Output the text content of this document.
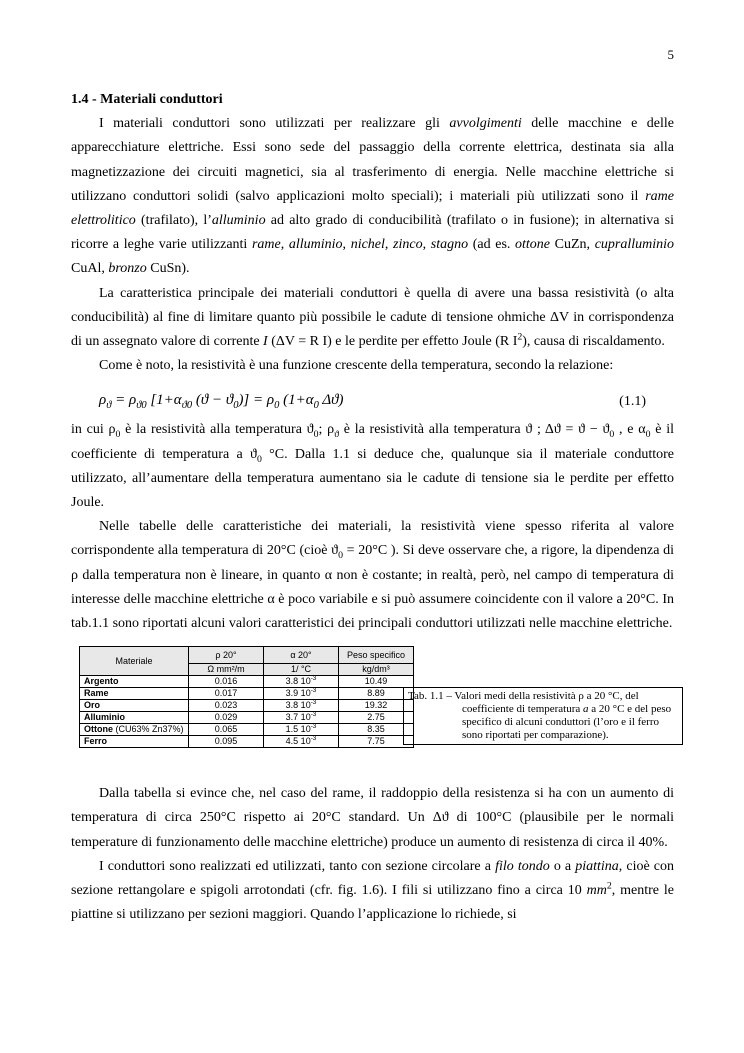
5
1.4 - Materiali conduttori

I materiali conduttori sono utilizzati per realizzare gli avvolgimenti delle macchine e delle apparecchiature elettriche. Essi sono sede del passaggio della corrente elettrica, destinata sia alla magnetizzazione dei circuiti magnetici, sia al trasferimento di energia. Nelle macchine elettriche si utilizzano conduttori solidi (salvo applicazioni molto speciali); i materiali più utilizzati sono il rame elettrolitico (trafilato), l’alluminio ad alto grado di conducibilità (trafilato o in fusione); in alternativa si ricorre a leghe varie utilizzanti rame, alluminio, nichel, zinco, stagno (ad es. ottone CuZn, cupralluminio CuAl, bronzo CuSn).

La caratteristica principale dei materiali conduttori è quella di avere una bassa resistività (o alta conducibilità) al fine di limitare quanto più possibile le cadute di tensione ohmiche ΔV in corrispondenza di un assegnato valore di corrente I (ΔV = R I) e le perdite per effetto Joule (R $I^2$), causa di riscaldamento.

Come è noto, la resistività è una funzione crescente della temperatura, secondo la relazione:

$\rho_ϑ = \rho_{ϑ0}$ [$1+\alpha_{ϑ0}$ $(ϑ - ϑ_0)] = \rho_0$ ($1+\alpha_0$ Δϑ)	(1.1)

in cui $\rho_0$ è la resistività alla temperatura $ϑ_0$; $\rho_ϑ$ è la resistività alla temperatura ϑ ; $\Delta ϑ = ϑ - ϑ_0$ , e $\alpha_0$ è il coefficiente di temperatura a $ϑ_0$ °C. Dalla 1.1 si deduce che, qualunque sia il materiale conduttore utilizzato, all’aumentare della temperatura aumentano sia le cadute di tensione sia le perdite per effetto Joule.

Nelle tabelle delle caratteristiche dei materiali, la resistività viene spesso riferita al valore corrispondente alla temperatura di 20°C (cioè $ϑ_0 = 20^\circ C$ ). Si deve osservare che, a rigore, la dipendenza di ρ dalla temperatura non è lineare, in quanto α non è costante; in realtà, però, nel campo di temperatura di interesse delle macchine elettriche α è poco variabile e si può assumere coincidente con il valore a 20°C. In tab.1.1 sono riportati alcuni valori caratteristici dei principali conduttori utilizzati nelle macchine elettriche.

Materiale	ρ 20°	α 20°	Peso specifico
	Ω mm²/m	1/ °C	kg/dm³
Argento	0.016	3.8 $10^{-3}$	10.49
Rame	0.017	3.9 $10^{-3}$	8.89
Oro	0.023	3.8 $10^{-3}$	19.32
Alluminio	0.029	3.7 $10^{-3}$	2.75
Ottone (CU63% Zn37%)	0.065	1.5 $10^{-3}$	8.35
Ferro	0.095	4.5 $10^{-3}$	7.75
Tab. 1.1 – Valori medi della resistività ρ a 20 °C, del coefficiente di temperatura a a 20 °C e del peso specifico di alcuni conduttori (l’oro e il ferro sono riportati per comparazione).

Dalla tabella si evince che, nel caso del rame, il raddoppio della resistenza si ha con un aumento di temperatura di circa 250°C rispetto ai 20°C standard. Un Δϑ di 100°C (plausibile per le normali temperature di funzionamento delle macchine elettriche) produce un aumento di resistenza di circa il 40%.

I conduttori sono realizzati ed utilizzati, tanto con sezione circolare a filo tondo o a piattina, cioè con sezione rettangolare e spigoli arrotondati (cfr. fig. 1.6). I fili si utilizzano fino a circa 10 $mm^2$, mentre le piattine si utilizzano per sezioni maggiori. Quando l’applicazione lo richiede, si
